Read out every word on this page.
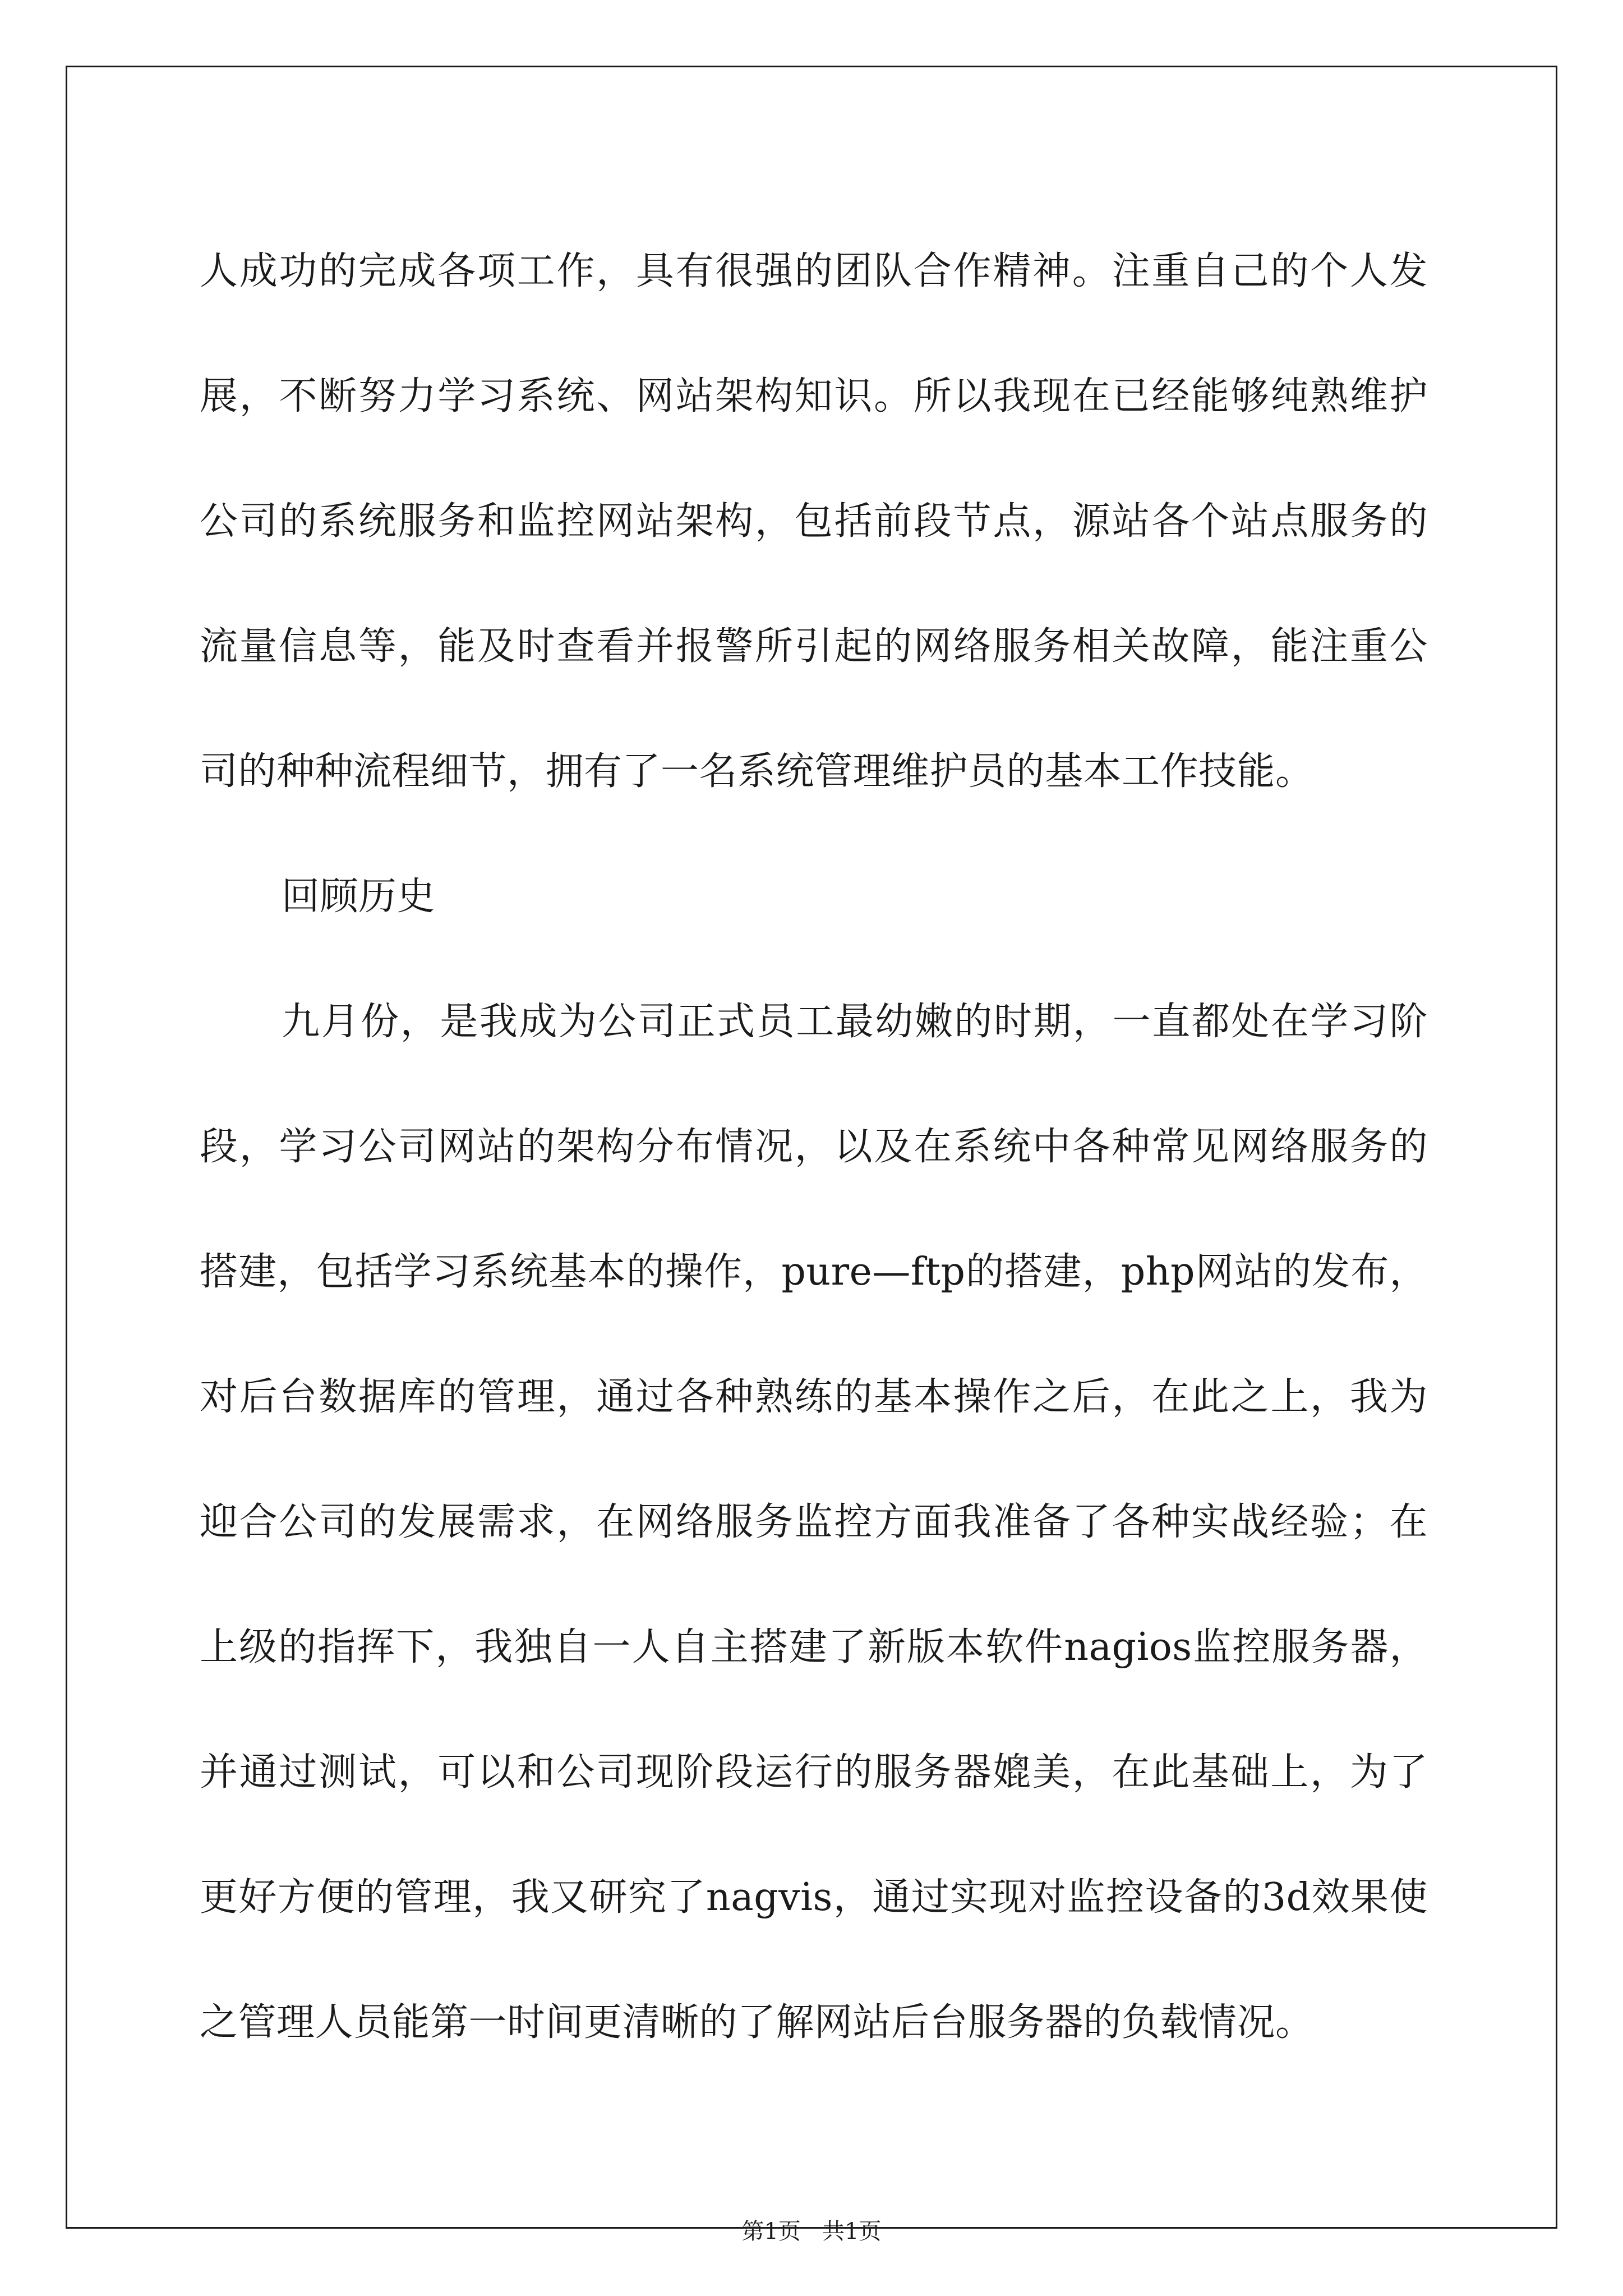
人成功的完成各项工作，具有很强的团队合作精神。注重自己的个人发展，不断努力学习系统、网站架构知识。所以我现在已经能够纯熟维护公司的系统服务和监控网站架构，包括前段节点，源站各个站点服务的流量信息等，能及时查看并报警所引起的网络服务相关故障，能注重公司的种种流程细节，拥有了一名系统管理维护员的基本工作技能。

回顾历史

九月份，是我成为公司正式员工最幼嫩的时期，一直都处在学习阶段，学习公司网站的架构分布情况，以及在系统中各种常见网络服务的搭建，包括学习系统基本的操作，pure—ftp的搭建，php网站的发布，对后台数据库的管理，通过各种熟练的基本操作之后，在此之上，我为迎合公司的发展需求，在网络服务监控方面我准备了各种实战经验；在上级的指挥下，我独自一人自主搭建了新版本软件nagios监控服务器，并通过测试，可以和公司现阶段运行的服务器媲美，在此基础上，为了更好方便的管理，我又研究了nagvis，通过实现对监控设备的3d效果使之管理人员能第一时间更清晰的了解网站后台服务器的负载情况。

第1页   共1页
